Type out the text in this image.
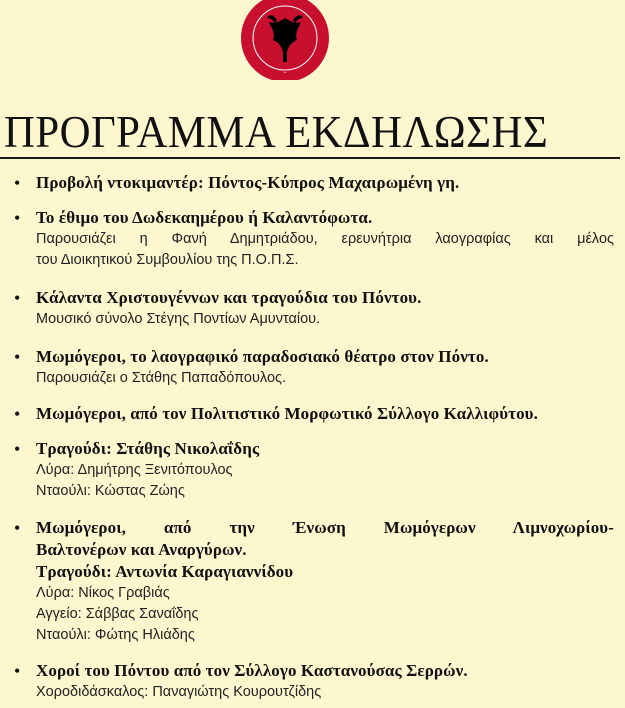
•
ΠΡΟΓΡΑΜΜΑ ΕΚΔΗΛΩΣΗΣ
• Προβολή ντοκιμαντέρ: Πόντος-Κύπρος Μαχαιρωμένη γη.
• Το έθιμο του Δωδεκαημέρου ή Καλαντόφωτα.
Παρουσιάζει η Φανή Δημητριάδου, ερευνήτρια λαογραφίας και μέλος
του Διοικητικού Συμβουλίου της Π.Ο.Π.Σ.
• Κάλαντα Χριστουγέννων και τραγούδια του Πόντου.
Μουσικό σύνολο Στέγης Ποντίων Αμυνταίου.
• Μωμόγεροι, το λαογραφικό παραδοσιακό θέατρο στον Πόντο.
Παρουσιάζει ο Στάθης Παπαδόπουλος.
• Μωμόγεροι, από τον Πολιτιστικό Μορφωτικό Σύλλογο Καλλιφύτου.
• Τραγούδι: Στάθης Νικολαΐδης
Λύρα: Δημήτρης Ξενιτόπουλος
Νταούλι: Κώστας Ζώης
• Μωμόγεροι, από την Ένωση Μωμόγερων Λιμνοχωρίου-
Βαλτονέρων και Αναργύρων.
Τραγούδι: Αντωνία Καραγιαννίδου
Λύρα: Νίκος Γραβιάς
Αγγείο: Σάββας Σαναΐδης
Νταούλι: Φώτης Ηλιάδης
• Χοροί του Πόντου από τον Σύλλογο Καστανούσας Σερρών.
Χοροδιδάσκαλος: Παναγιώτης Κουρουτζίδης
